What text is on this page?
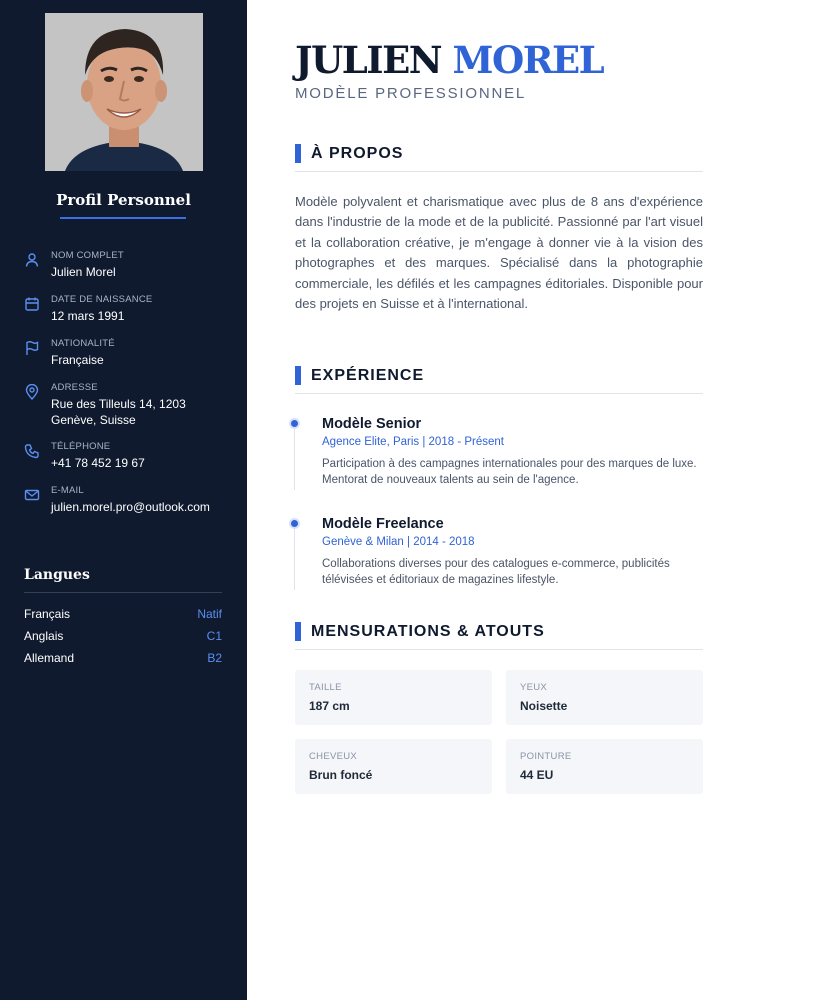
Profil Personnel
NOM COMPLET
Julien Morel
DATE DE NAISSANCE
12 mars 1991
NATIONALITÉ
Française
ADRESSE
Rue des Tilleuls 14, 1203
Genève, Suisse
TÉLÉPHONE
+41 78 452 19 67
E-MAIL
julien.morel.pro@outlook.com
Langues
Français	Natif
Anglais	C1
Allemand	B2
JULIEN MOREL
MODÈLE PROFESSIONNEL
À PROPOS

Modèle polyvalent et charismatique avec plus de 8 ans d'expérience dans l'industrie de la mode et de la publicité. Passionné par l'art visuel et la collaboration créative, je m'engage à donner vie à la vision des photographes et des marques. Spécialisé dans la photographie commerciale, les défilés et les campagnes éditoriales. Disponible pour des projets en Suisse et à l'international.

EXPÉRIENCE
Modèle Senior
Agence Elite, Paris | 2018 - Présent
Participation à des campagnes internationales pour des marques de luxe. Mentorat de nouveaux talents au sein de l'agence.
Modèle Freelance
Genève & Milan | 2014 - 2018
Collaborations diverses pour des catalogues e-commerce, publicités télévisées et éditoriaux de magazines lifestyle.
MENSURATIONS & ATOUTS
TAILLE
187 cm
YEUX
Noisette
CHEVEUX
Brun foncé
POINTURE
44 EU
